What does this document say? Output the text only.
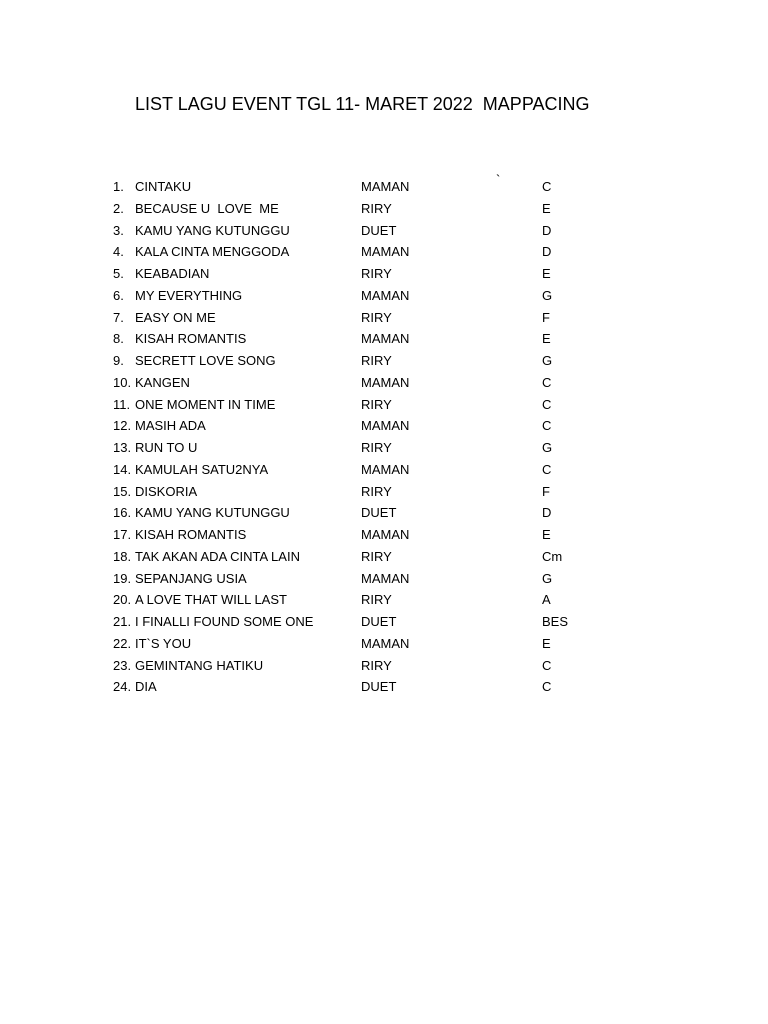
LIST LAGU EVENT TGL 11- MARET 2022  MAPPACING
`
1. CINTAKU	MAMAN	C
2. BECAUSE U  LOVE  ME	RIRY	E
3. KAMU YANG KUTUNGGU	DUET	D
4. KALA CINTA MENGGODA	MAMAN	D
5. KEABADIAN	RIRY	E
6. MY EVERYTHING	MAMAN	G
7. EASY ON ME	RIRY	F
8. KISAH ROMANTIS	MAMAN	E
9. SECRETT LOVE SONG	RIRY	G
10. KANGEN	MAMAN	C
11. ONE MOMENT IN TIME	RIRY	C
12. MASIH ADA	MAMAN	C
13. RUN TO U	RIRY	G
14. KAMULAH SATU2NYA	MAMAN	C
15. DISKORIA	RIRY	F
16. KAMU YANG KUTUNGGU	DUET	D
17. KISAH ROMANTIS	MAMAN	E
18. TAK AKAN ADA CINTA LAIN	RIRY	Cm
19. SEPANJANG USIA	MAMAN	G
20. A LOVE THAT WILL LAST	RIRY	A
21. I FINALLI FOUND SOME ONE	DUET	BES
22. IT`S YOU	MAMAN	E
23. GEMINTANG HATIKU	RIRY	C
24. DIA	DUET	C
